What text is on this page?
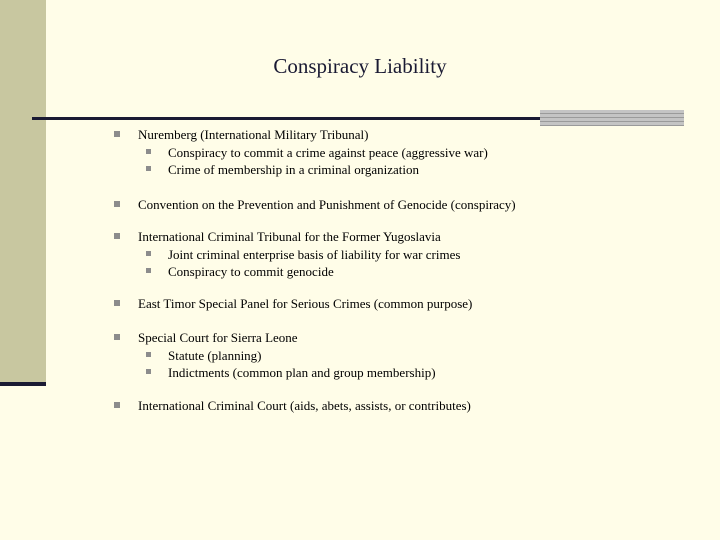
Conspiracy Liability
Nuremberg (International Military Tribunal)
Conspiracy to commit a crime against peace (aggressive war)
Crime of membership in a criminal organization
Convention on the Prevention and Punishment of Genocide (conspiracy)
International Criminal Tribunal for the Former Yugoslavia
Joint criminal enterprise basis of liability for war crimes
Conspiracy to commit genocide
East Timor Special Panel for Serious Crimes (common purpose)
Special Court for Sierra Leone
Statute (planning)
Indictments (common plan and group membership)
International Criminal Court (aids, abets, assists, or contributes)
